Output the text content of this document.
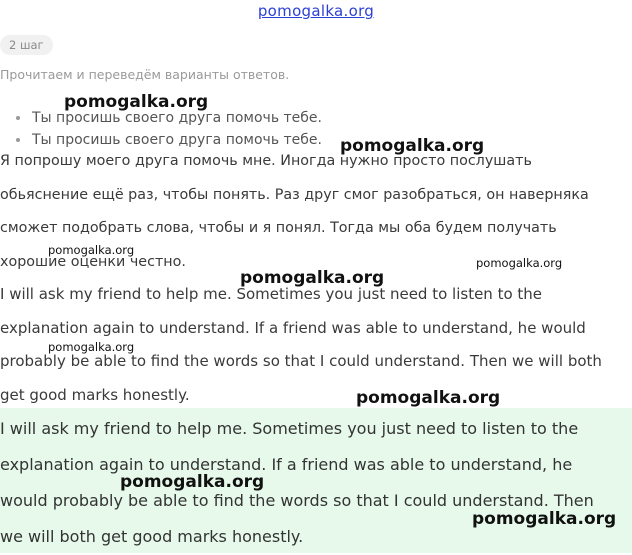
pomogalka.org
2 шаг
Прочитаем и переведём варианты ответов.
Ты просишь своего друга помочь тебе.
Ты просишь своего друга помочь тебе.

Я попрошу моего друга помочь мне. Иногда нужно просто послушать обьяснение ещё раз, чтобы понять. Раз друг смог разобраться, он наверняка сможет подобрать слова, чтобы и я понял. Тогда мы оба будем получать хорошие оценки честно.

I will ask my friend to help me. Sometimes you just need to listen to the explanation again to understand. If a friend was able to understand, he would probably be able to find the words so that I could understand. Then we will both get good marks honestly.

I will ask my friend to help me. Sometimes you just need to listen to the explanation again to understand. If a friend was able to understand, he would probably be able to find the words so that I could understand. Then we will both get good marks honestly.

pomogalka.org
pomogalka.org
pomogalka.org
pomogalka.org
pomogalka.org
pomogalka.org
pomogalka.org
pomogalka.org
pomogalka.org
